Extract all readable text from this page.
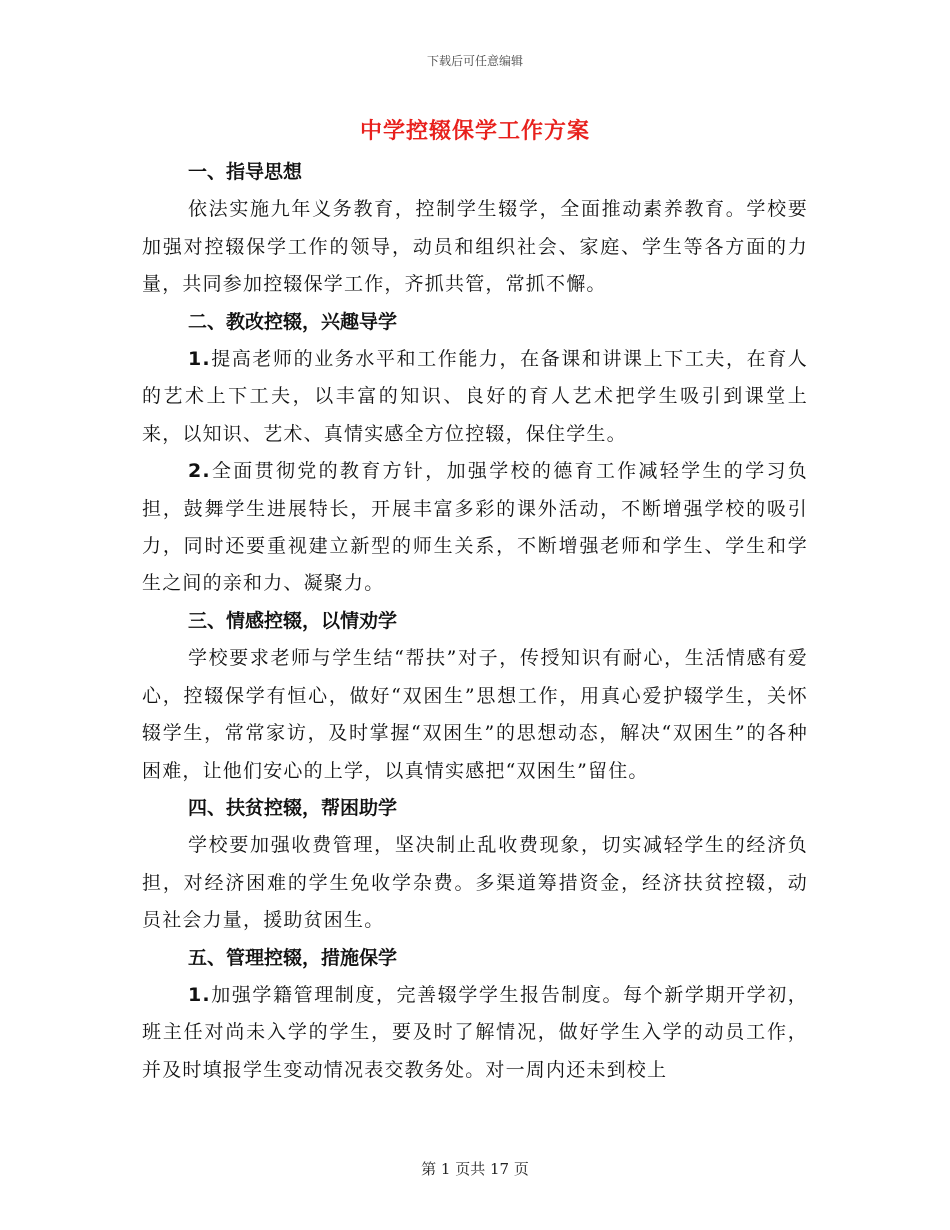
下载后可任意编辑
中学控辍保学工作方案

一、指导思想

依法实施九年义务教育，控制学生辍学，全面推动素养教育。学校要加强对控辍保学工作的领导，动员和组织社会、家庭、学生等各方面的力量，共同参加控辍保学工作，齐抓共管，常抓不懈。

二、教改控辍，兴趣导学

1.提高老师的业务水平和工作能力，在备课和讲课上下工夫，在育人的艺术上下工夫，以丰富的知识、良好的育人艺术把学生吸引到课堂上来，以知识、艺术、真情实感全方位控辍，保住学生。

2.全面贯彻党的教育方针，加强学校的德育工作减轻学生的学习负担，鼓舞学生进展特长，开展丰富多彩的课外活动，不断增强学校的吸引力，同时还要重视建立新型的师生关系，不断增强老师和学生、学生和学生之间的亲和力、凝聚力。

三、情感控辍，以情劝学

学校要求老师与学生结“帮扶”对子，传授知识有耐心，生活情感有爱心，控辍保学有恒心，做好“双困生”思想工作，用真心爱护辍学生，关怀辍学生，常常家访，及时掌握“双困生”的思想动态，解决“双困生”的各种困难，让他们安心的上学，以真情实感把“双困生”留住。

四、扶贫控辍，帮困助学

学校要加强收费管理，坚决制止乱收费现象，切实减轻学生的经济负担，对经济困难的学生免收学杂费。多渠道筹措资金，经济扶贫控辍，动员社会力量，援助贫困生。

五、管理控辍，措施保学

1.加强学籍管理制度，完善辍学学生报告制度。每个新学期开学初，班主任对尚未入学的学生，要及时了解情况，做好学生入学的动员工作，并及时填报学生变动情况表交教务处。对一周内还未到校上

第 1 页共 17 页
